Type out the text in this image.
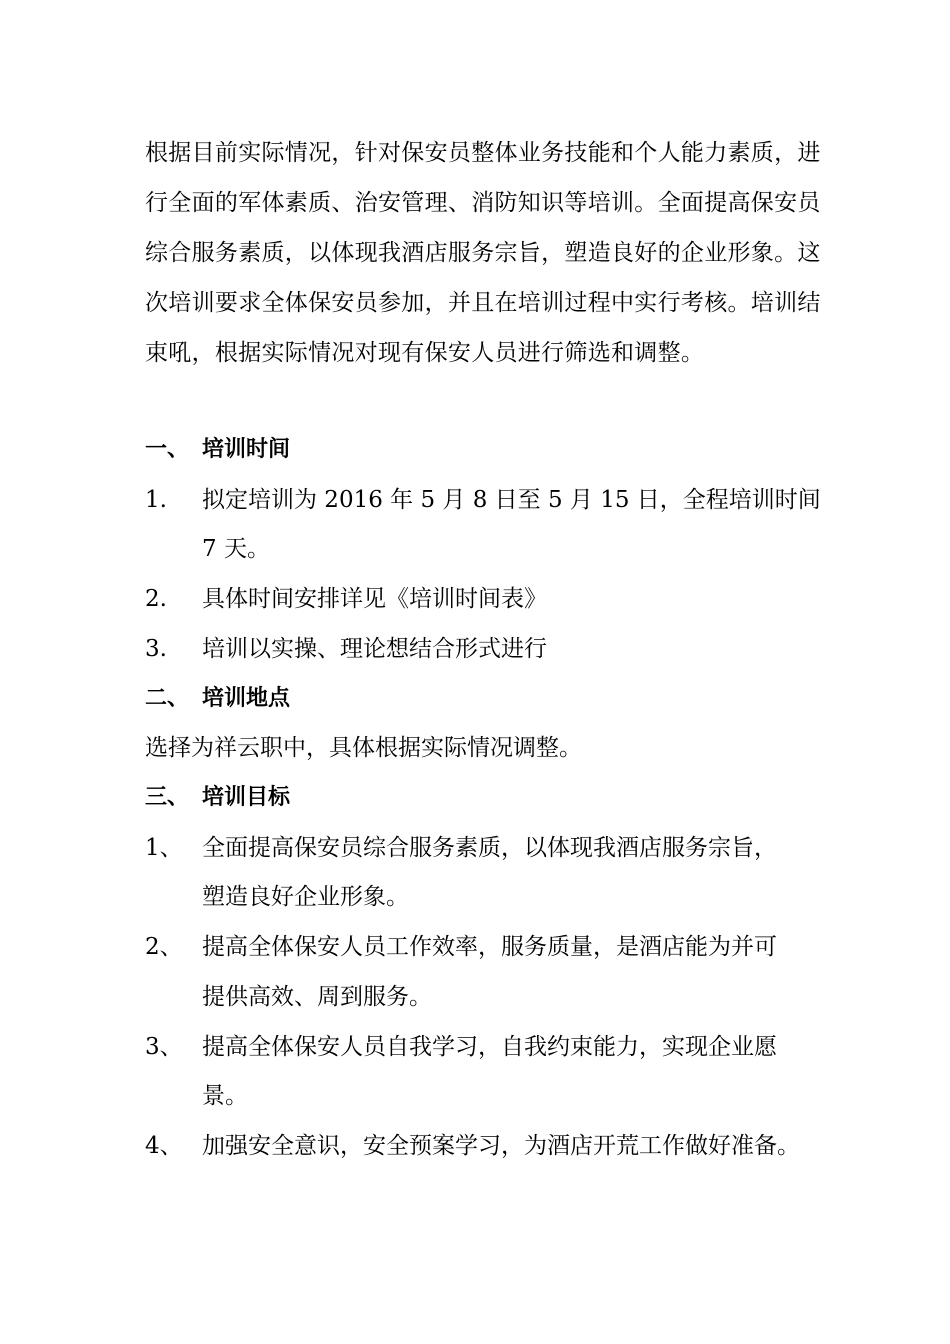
根据目前实际情况，针对保安员整体业务技能和个人能力素质，进行全面的军体素质、治安管理、消防知识等培训。全面提高保安员综合服务素质，以体现我酒店服务宗旨，塑造良好的企业形象。这次培训要求全体保安员参加，并且在培训过程中实行考核。培训结束吼，根据实际情况对现有保安人员进行筛选和调整。
一、 培训时间
1. 拟定培训为 2016 年 5 月 8 日至 5 月 15 日，全程培训时间
7 天。
2. 具体时间安排详见《培训时间表》
3. 培训以实操、理论想结合形式进行
二、 培训地点
选择为祥云职中，具体根据实际情况调整。
三、 培训目标
1、 全面提高保安员综合服务素质，以体现我酒店服务宗旨，
塑造良好企业形象。
2、 提高全体保安人员工作效率，服务质量，是酒店能为并可
提供高效、周到服务。
3、 提高全体保安人员自我学习，自我约束能力，实现企业愿
景。
4、 加强安全意识，安全预案学习，为酒店开荒工作做好准备。
